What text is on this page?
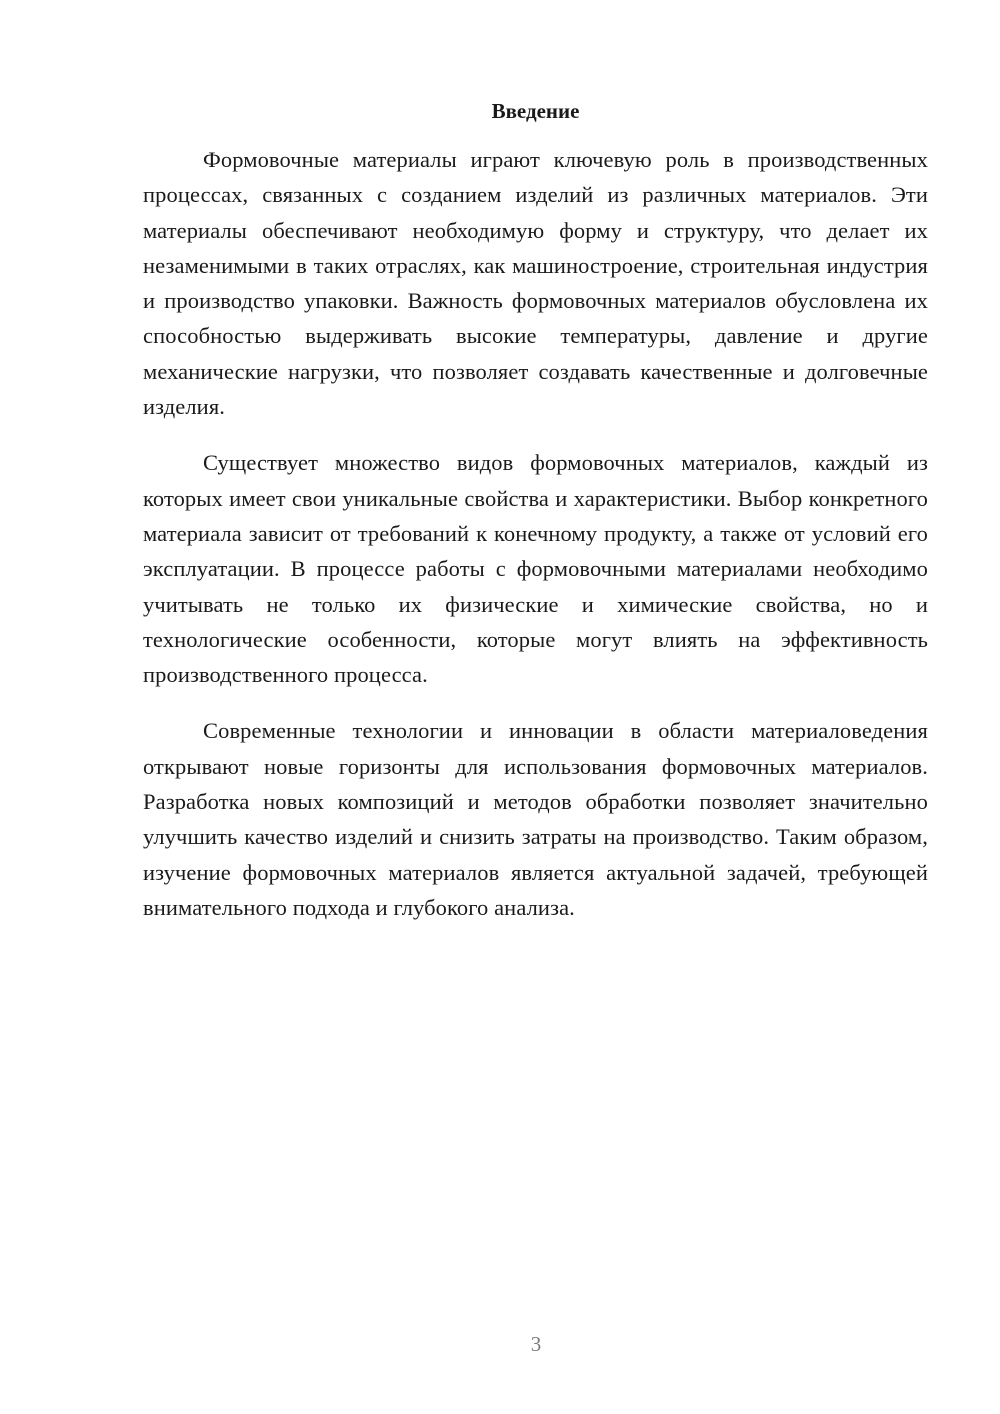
Введение

Формовочные материалы играют ключевую роль в производственных процессах, связанных с созданием изделий из различных материалов. Эти материалы обеспечивают необходимую форму и структуру, что делает их незаменимыми в таких отраслях, как машиностроение, строительная индустрия и производство упаковки. Важность формовочных материалов обусловлена их способностью выдерживать высокие температуры, давление и другие механические нагрузки, что позволяет создавать качественные и долговечные изделия.

Существует множество видов формовочных материалов, каждый из которых имеет свои уникальные свойства и характеристики. Выбор конкретного материала зависит от требований к конечному продукту, а также от условий его эксплуатации. В процессе работы с формовочными материалами необходимо учитывать не только их физические и химические свойства, но и технологические особенности, которые могут влиять на эффективность производственного процесса.

Современные технологии и инновации в области материаловедения открывают новые горизонты для использования формовочных материалов. Разработка новых композиций и методов обработки позволяет значительно улучшить качество изделий и снизить затраты на производство. Таким образом, изучение формовочных материалов является актуальной задачей, требующей внимательного подхода и глубокого анализа.

3
